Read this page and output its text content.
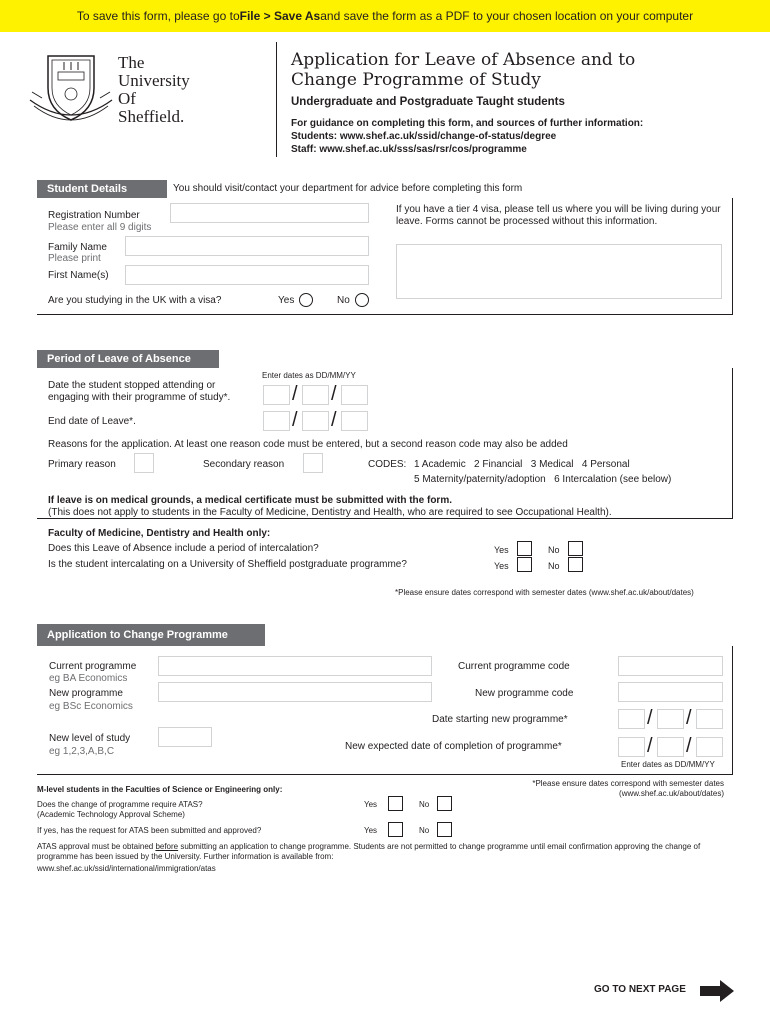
To save this form, please go to File > Save As and save the form as a PDF to your chosen location on your computer
The
University
Of
Sheffield.
Application for Leave of Absence and to
Change Programme of Study
Undergraduate and Postgraduate Taught students
For guidance on completing this form, and sources of further information:
Students: www.shef.ac.uk/ssid/change-of-status/degree
Staff: www.shef.ac.uk/sss/sas/rsr/cos/programme
Student Details	You should visit/contact your department for advice before completing this form
Registration Number
Please enter all 9 digits
Family Name
Please print
First Name(s)
Are you studying in the UK with a visa?	Yes	No
If you have a tier 4 visa, please tell us where you will be living during your leave. Forms cannot be processed without this information.
Period of Leave of Absence
Enter dates as DD/MM/YY
Date the student stopped attending or engaging with their programme of study*.	/ /
End date of Leave*.	/ /
Reasons for the application. At least one reason code must be entered, but a second reason code may also be added
Primary reason	Secondary reason	CODES: 1 Academic   2 Financial   3 Medical   4 Personal
5 Maternity/paternity/adoption   6 Intercalation (see below)
If leave is on medical grounds, a medical certificate must be submitted with the form.
(This does not apply to students in the Faculty of Medicine, Dentistry and Health, who are required to see Occupational Health).
Faculty of Medicine, Dentistry and Health only:
Does this Leave of Absence include a period of intercalation?	Yes	No
Is the student intercalating on a University of Sheffield postgraduate programme?	Yes	No
*Please ensure dates correspond with semester dates (www.shef.ac.uk/about/dates)
Application to Change Programme
Current programme
eg BA Economics
Current programme code
New programme
eg BSc Economics
New programme code
Date starting new programme*	/ /
New level of study
eg 1,2,3,A,B,C	New expected date of completion of programme*	/ /
Enter dates as DD/MM/YY
*Please ensure dates correspond with semester dates
(www.shef.ac.uk/about/dates)
M-level students in the Faculties of Science or Engineering only:
Does the change of programme require ATAS?
(Academic Technology Approval Scheme)
Yes	No
If yes, has the request for ATAS been submitted and approved?	Yes	No
ATAS approval must be obtained before submitting an application to change programme. Students are not permitted to change programme until email confirmation approving the change of programme has been issued by the University. Further information is available from:
www.shef.ac.uk/ssid/international/immigration/atas
GO TO NEXT PAGE
